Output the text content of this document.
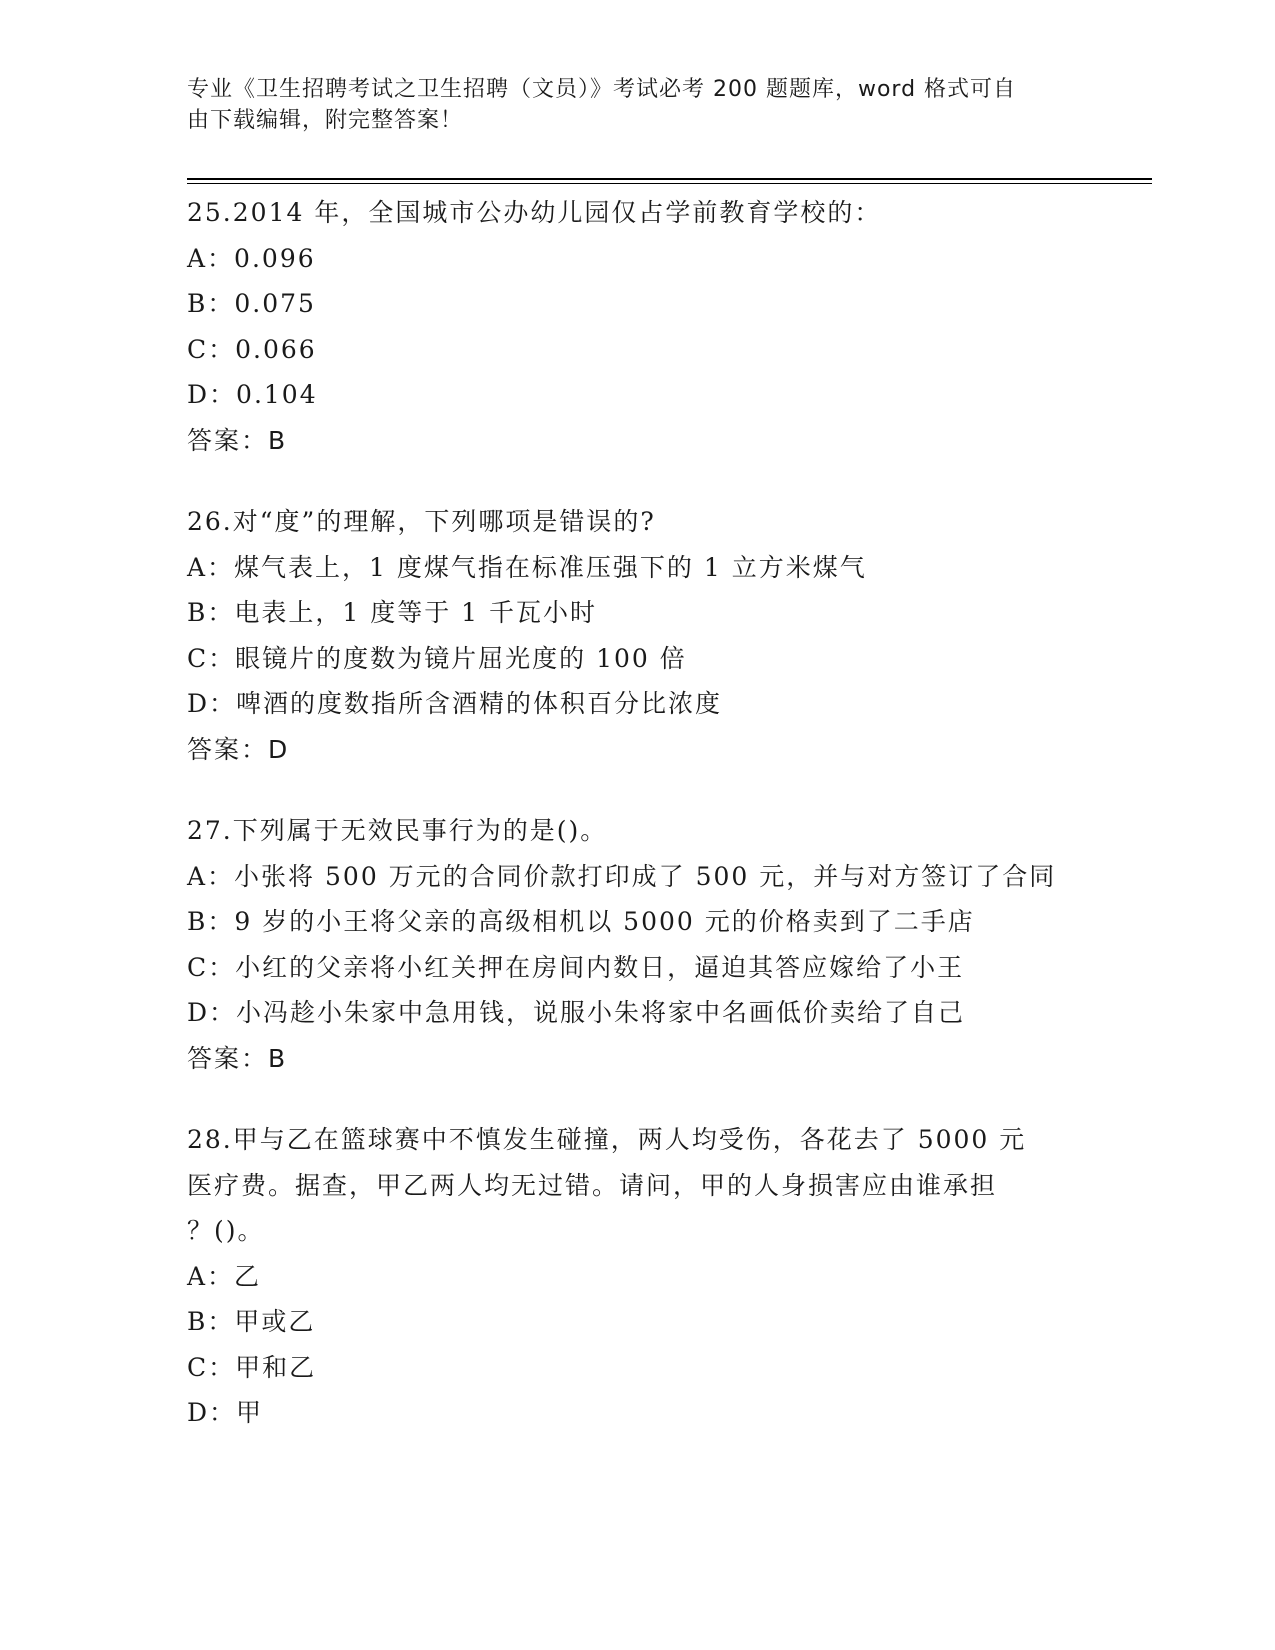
专业《卫生招聘考试之卫生招聘（文员）》考试必考 200 题题库，word 格式可自
由下载编辑，附完整答案！
25.2014 年，全国城市公办幼儿园仅占学前教育学校的：
A：0.096
B：0.075
C：0.066
D：0.104
答案：B
26.对“度”的理解，下列哪项是错误的?
A：煤气表上，1 度煤气指在标准压强下的 1 立方米煤气
B：电表上，1 度等于 1 千瓦小时
C：眼镜片的度数为镜片屈光度的 100 倍
D：啤酒的度数指所含酒精的体积百分比浓度
答案：D
27.下列属于无效民事行为的是()。
A：小张将 500 万元的合同价款打印成了 500 元，并与对方签订了合同
B：9 岁的小王将父亲的高级相机以 5000 元的价格卖到了二手店
C：小红的父亲将小红关押在房间内数日，逼迫其答应嫁给了小王
D：小冯趁小朱家中急用钱，说服小朱将家中名画低价卖给了自己
答案：B
28.甲与乙在篮球赛中不慎发生碰撞，两人均受伤，各花去了 5000 元
医疗费。据查，甲乙两人均无过错。请问，甲的人身损害应由谁承担
？()。
A：乙
B：甲或乙
C：甲和乙
D：甲
